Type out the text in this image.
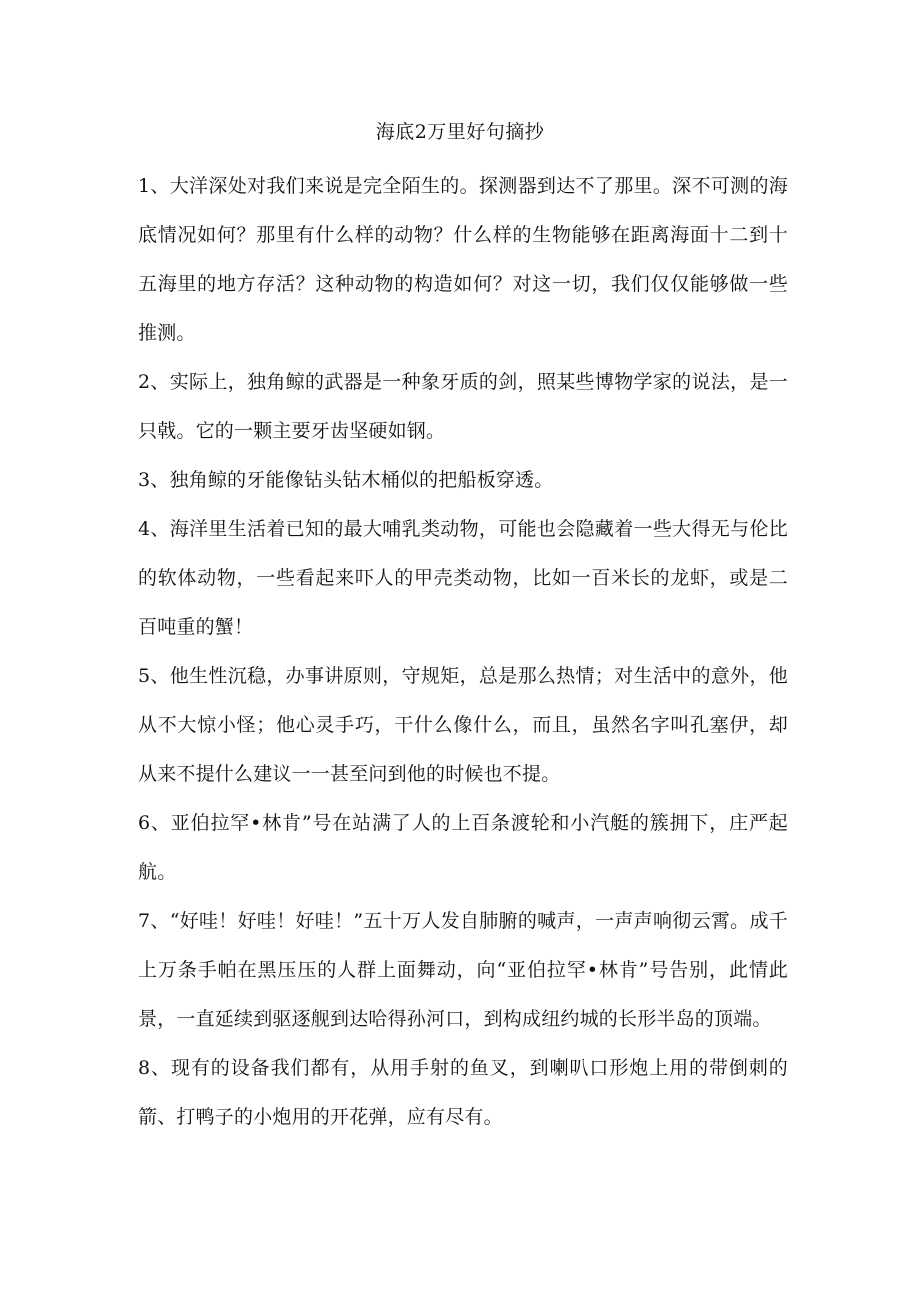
海底2万里好句摘抄

1、大洋深处对我们来说是完全陌生的。探测器到达不了那里。深不可测的海底情况如何？那里有什么样的动物？什么样的生物能够在距离海面十二到十五海里的地方存活？这种动物的构造如何？对这一切，我们仅仅能够做一些推测。

2、实际上，独角鲸的武器是一种象牙质的剑，照某些博物学家的说法，是一只戟。它的一颗主要牙齿坚硬如钢。

3、独角鲸的牙能像钻头钻木桶似的把船板穿透。

4、海洋里生活着已知的最大哺乳类动物，可能也会隐藏着一些大得无与伦比的软体动物，一些看起来吓人的甲壳类动物，比如一百米长的龙虾，或是二百吨重的蟹！

5、他生性沉稳，办事讲原则，守规矩，总是那么热情；对生活中的意外，他从不大惊小怪；他心灵手巧，干什么像什么，而且，虽然名字叫孔塞伊，却从来不提什么建议一一甚至问到他的时候也不提。

6、亚伯拉罕•林肯”号在站满了人的上百条渡轮和小汽艇的簇拥下，庄严起航。

7、“好哇！好哇！好哇！”五十万人发自肺腑的喊声，一声声响彻云霄。成千上万条手帕在黑压压的人群上面舞动，向“亚伯拉罕•林肯”号告别，此情此景，一直延续到驱逐舰到达哈得孙河口，到构成纽约城的长形半岛的顶端。

8、现有的设备我们都有，从用手射的鱼叉，到喇叭口形炮上用的带倒刺的箭、打鸭子的小炮用的开花弹，应有尽有。
